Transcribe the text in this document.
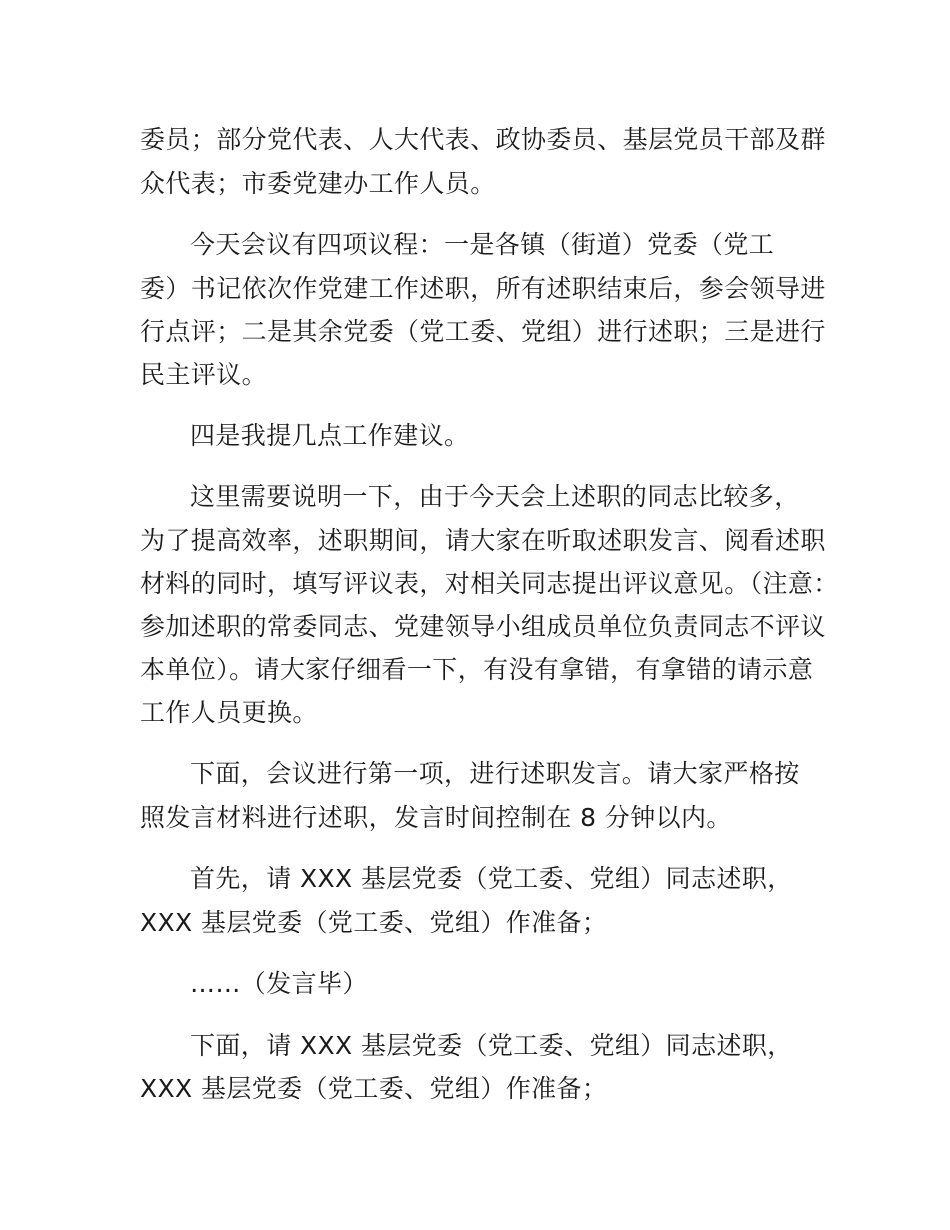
委员；部分党代表、人大代表、政协委员、基层党员干部及群
众代表；市委党建办工作人员。
今天会议有四项议程：一是各镇（街道）党委（党工
委）书记依次作党建工作述职，所有述职结束后，参会领导进
行点评；二是其余党委（党工委、党组）进行述职；三是进行
民主评议。
四是我提几点工作建议。
这里需要说明一下，由于今天会上述职的同志比较多，
为了提高效率，述职期间，请大家在听取述职发言、阅看述职
材料的同时，填写评议表，对相关同志提出评议意见。（注意：
参加述职的常委同志、党建领导小组成员单位负责同志不评议
本单位）。请大家仔细看一下，有没有拿错，有拿错的请示意
工作人员更换。
下面，会议进行第一项，进行述职发言。请大家严格按
照发言材料进行述职，发言时间控制在 8 分钟以内。
首先，请 XXX 基层党委（党工委、党组）同志述职，
XXX 基层党委（党工委、党组）作准备；
……（发言毕）
下面，请 XXX 基层党委（党工委、党组）同志述职，
XXX 基层党委（党工委、党组）作准备；
